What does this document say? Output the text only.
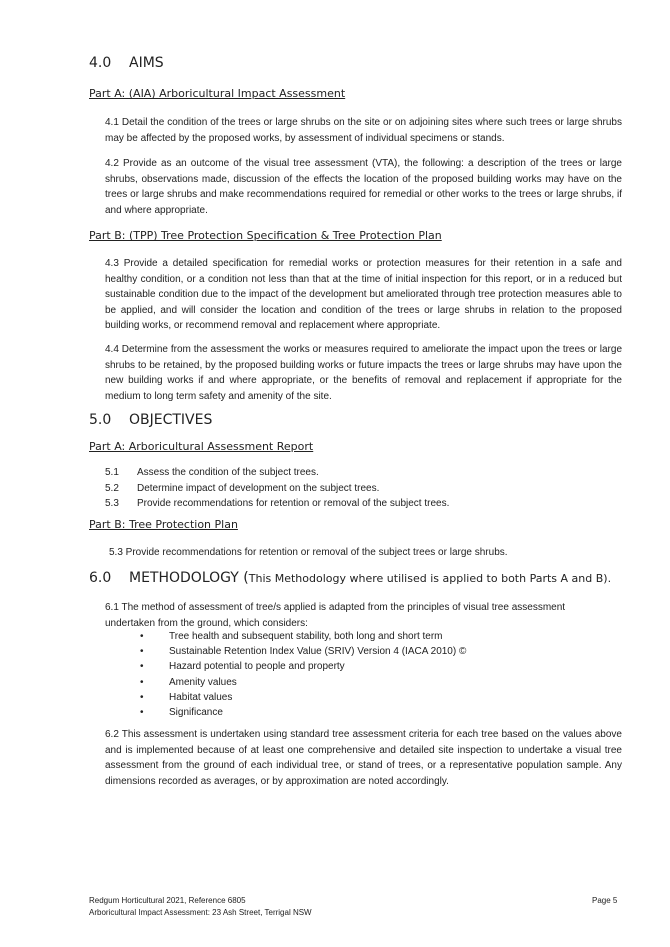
4.0 AIMS
Part A: (AIA) Arboricultural Impact Assessment
4.1 Detail the condition of the trees or large shrubs on the site or on adjoining sites where such trees or large shrubs may be affected by the proposed works, by assessment of individual specimens or stands.
4.2 Provide as an outcome of the visual tree assessment (VTA), the following: a description of the trees or large shrubs, observations made, discussion of the effects the location of the proposed building works may have on the trees or large shrubs and make recommendations required for remedial or other works to the trees or large shrubs, if and where appropriate.
Part B: (TPP) Tree Protection Specification & Tree Protection Plan
4.3 Provide a detailed specification for remedial works or protection measures for their retention in a safe and healthy condition, or a condition not less than that at the time of initial inspection for this report, or in a reduced but sustainable condition due to the impact of the development but ameliorated through tree protection measures able to be applied, and will consider the location and condition of the trees or large shrubs in relation to the proposed building works, or recommend removal and replacement where appropriate.
4.4 Determine from the assessment the works or measures required to ameliorate the impact upon the trees or large shrubs to be retained, by the proposed building works or future impacts the trees or large shrubs may have upon the new building works if and where appropriate, or the benefits of removal and replacement if appropriate for the medium to long term safety and amenity of the site.
5.0 OBJECTIVES
Part A: Arboricultural Assessment Report
5.1 Assess the condition of the subject trees.
5.2 Determine impact of development on the subject trees.
5.3 Provide recommendations for retention or removal of the subject trees.
Part B: Tree Protection Plan
5.3 Provide recommendations for retention or removal of the subject trees or large shrubs.
6.0 METHODOLOGY (This Methodology where utilised is applied to both Parts A and B).
6.1 The method of assessment of tree/s applied is adapted from the principles of visual tree assessment undertaken from the ground, which considers:
•	Tree health and subsequent stability, both long and short term
•	Sustainable Retention Index Value (SRIV) Version 4 (IACA 2010) ©
•	Hazard potential to people and property
•	Amenity values
•	Habitat values
•	Significance
6.2 This assessment is undertaken using standard tree assessment criteria for each tree based on the values above and is implemented because of at least one comprehensive and detailed site inspection to undertake a visual tree assessment from the ground of each individual tree, or stand of trees, or a representative population sample. Any dimensions recorded as averages, or by approximation are noted accordingly.
Redgum Horticultural 2021, Reference 6805
Arboricultural Impact Assessment: 23 Ash Street, Terrigal NSW
Page 5
